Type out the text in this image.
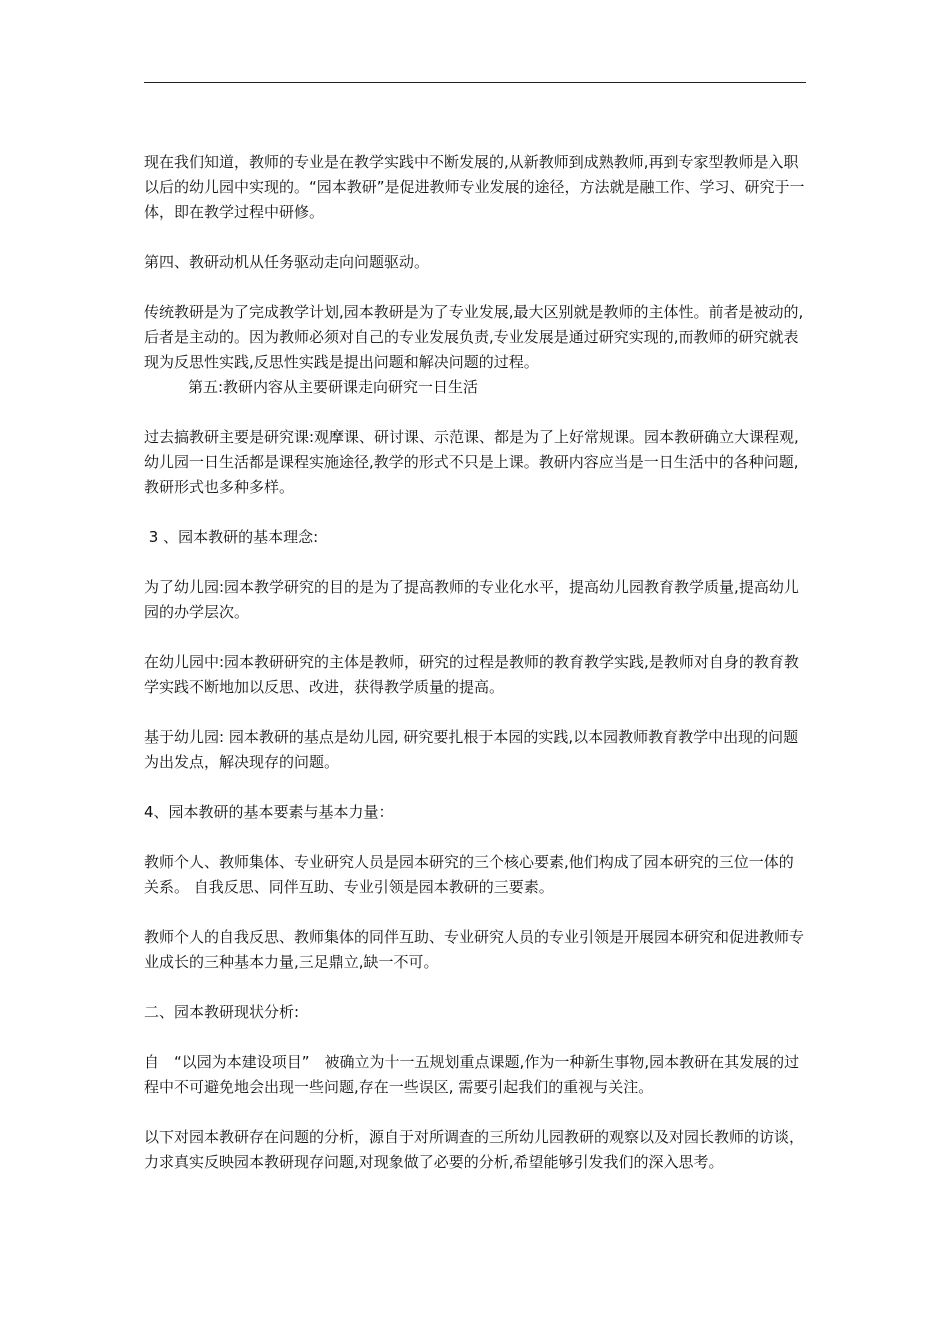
现在我们知道，教师的专业是在教学实践中不断发展的,从新教师到成熟教师,再到专家型教师是入职以后的幼儿园中实现的。“园本教研”是促进教师专业发展的途径，方法就是融工作、学习、研究于一体，即在教学过程中研修。

第四、教研动机从任务驱动走向问题驱动。

传统教研是为了完成教学计划,园本教研是为了专业发展,最大区别就是教师的主体性。前者是被动的,后者是主动的。因为教师必须对自己的专业发展负责,专业发展是通过研究实现的,而教师的研究就表现为反思性实践,反思性实践是提出问题和解决问题的过程。

第五:教研内容从主要研课走向研究一日生活

过去搞教研主要是研究课:观摩课、研讨课、示范课、都是为了上好常规课。园本教研确立大课程观,幼儿园一日生活都是课程实施途径,教学的形式不只是上课。教研内容应当是一日生活中的各种问题,教研形式也多种多样。

3 、园本教研的基本理念:

为了幼儿园:园本教学研究的目的是为了提高教师的专业化水平，提高幼儿园教育教学质量,提高幼儿园的办学层次。

在幼儿园中:园本教研研究的主体是教师，研究的过程是教师的教育教学实践,是教师对自身的教育教学实践不断地加以反思、改进，获得教学质量的提高。

基于幼儿园: 园本教研的基点是幼儿园, 研究要扎根于本园的实践,以本园教师教育教学中出现的问题为出发点，解决现存的问题。

4、园本教研的基本要素与基本力量：

教师个人、教师集体、专业研究人员是园本研究的三个核心要素,他们构成了园本研究的三位一体的关系。 自我反思、同伴互助、专业引领是园本教研的三要素。

教师个人的自我反思、教师集体的同伴互助、专业研究人员的专业引领是开展园本研究和促进教师专业成长的三种基本力量,三足鼎立,缺一不可。

二、园本教研现状分析:

自　“以园为本建设项目”　被确立为十一五规划重点课题,作为一种新生事物,园本教研在其发展的过程中不可避免地会出现一些问题,存在一些误区, 需要引起我们的重视与关注。

以下对园本教研存在问题的分析，源自于对所调查的三所幼儿园教研的观察以及对园长教师的访谈，力求真实反映园本教研现存问题,对现象做了必要的分析,希望能够引发我们的深入思考。
